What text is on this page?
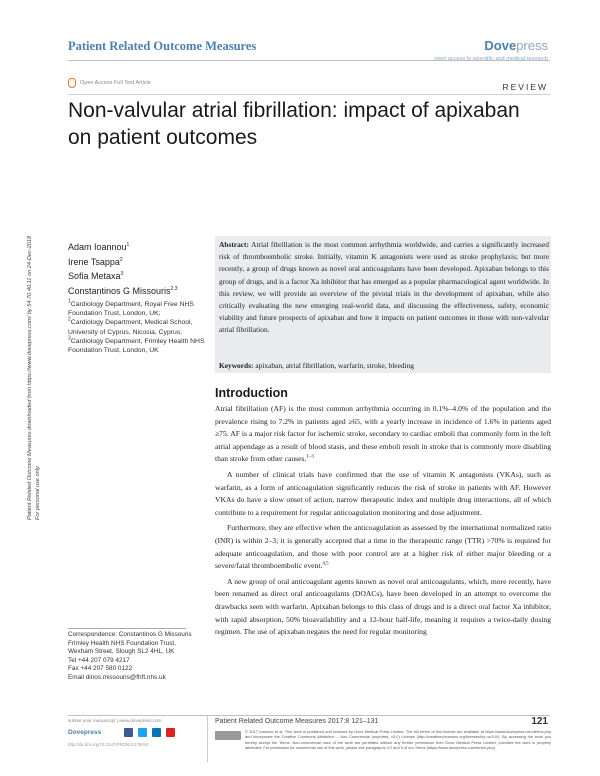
Patient Related Outcome Measures	Dovepress
open access to scientific and medical research
Open Access Full Text Article	REVIEW
Non-valvular atrial fibrillation: impact of apixaban on patient outcomes
Patient Related Outcome Measures downloaded from https://www.dovepress.com/ by 54.70.40.11 on 24-Dec-2018 For personal use only.
Adam Ioannou$^1$
Irene Tsappa$^2$
Sofia Metaxa$^3$
Constantinos G Missouris$^{2,3}$
$^1$Cardiology Department, Royal Free NHS Foundation Trust, London, UK;
$^2$Cardiology Department, Medical School, University of Cyprus, Nicosia, Cyprus;
$^3$Cardiology Department, Frimley Health NHS Foundation Trust, London, UK
Abstract: Atrial fibrillation is the most common arrhythmia worldwide, and carries a significantly increased risk of thromboembolic stroke. Initially, vitamin K antagonists were used as stroke prophylaxis; but more recently, a group of drugs known as novel oral anticoagulants have been developed. Apixaban belongs to this group of drugs, and is a factor Xa inhibitor that has emerged as a popular pharmacological agent worldwide. In this review, we will provide an overview of the pivotal trials in the development of apixaban, while also critically evaluating the new emerging real-world data, and discussing the effectiveness, safety, economic viability and future prospects of apixaban and how it impacts on patient outcomes in those with non-valvular atrial fibrillation.
Keywords: apixaban, atrial fibrillation, warfarin, stroke, bleeding
Introduction

Atrial fibrillation (AF) is the most common arrhythmia occurring in 0.1%–4.0% of the population and the prevalence rising to 7.2% in patients aged ≥65, with a yearly increase in incidence of 1.6% in patients aged ≥75. AF is a major risk factor for ischemic stroke, secondary to cardiac emboli that commonly form in the left atrial appendage as a result of blood stasis, and these emboli result in stroke that is commonly more disabling than stroke from other causes.$^{1-3}$

A number of clinical trials have confirmed that the use of vitamin K antagonists (VKAs), such as warfarin, as a form of anticoagulation significantly reduces the risk of stroke in patients with AF. However VKAs do have a slow onset of action, narrow therapeutic index and multiple drug interactions, all of which contribute to a requirement for regular anticoagulation monitoring and dose adjustment.

Furthermore, they are effective when the anticoagulation as assessed by the international normalized ratio (INR) is within 2–3; it is generally accepted that a time in the therapeutic range (TTR) >70% is required for adequate anticoagulation, and those with poor control are at a higher risk of either major bleeding or a severe/fatal thromboembolic event.$^{4,5}$

A new group of oral anticoagulant agents known as novel oral anticoagulants, which, more recently, have been renamed as direct oral anticoagulants (DOACs), have been developed in an attempt to overcome the drawbacks seen with warfarin. Apixaban belongs to this class of drugs and is a direct oral factor Xa inhibitor, with rapid absorption, 50% bioavailability and a 12-hour half-life, meaning it requires a twice-daily dosing regimen. The use of apixaban negates the need for regular monitoring

Correspondence: Constantinos G Missouris
Frimley Health NHS Foundation Trust,
Wexham Street, Slough SL2 4HL, UK
Tel +44 207 079 4217
Fax +44 207 580 0122
Email dinos.missouris@fhft.nhs.uk
submit your manuscript | www.dovepress.com
Dovepress
http://dx.doi.org/10.2147/PROM.S175044
Patient Related Outcome Measures 2017:8 121–131	121
© 2017 Ioannou et al. This work is published and licensed by Dove Medical Press Limited. The full terms of this license are available at https://www.dovepress.com/terms.php and incorporate the Creative Commons Attribution – Non Commercial (unported, v3.0) License (http://creativecommons.org/licenses/by-nc/3.0/). By accessing the work you hereby accept the Terms. Non-commercial uses of the work are permitted without any further permission from Dove Medical Press Limited, provided the work is properly attributed. For permission for commercial use of this work, please see paragraphs 4.2 and 5 of our Terms (https://www.dovepress.com/terms.php).
